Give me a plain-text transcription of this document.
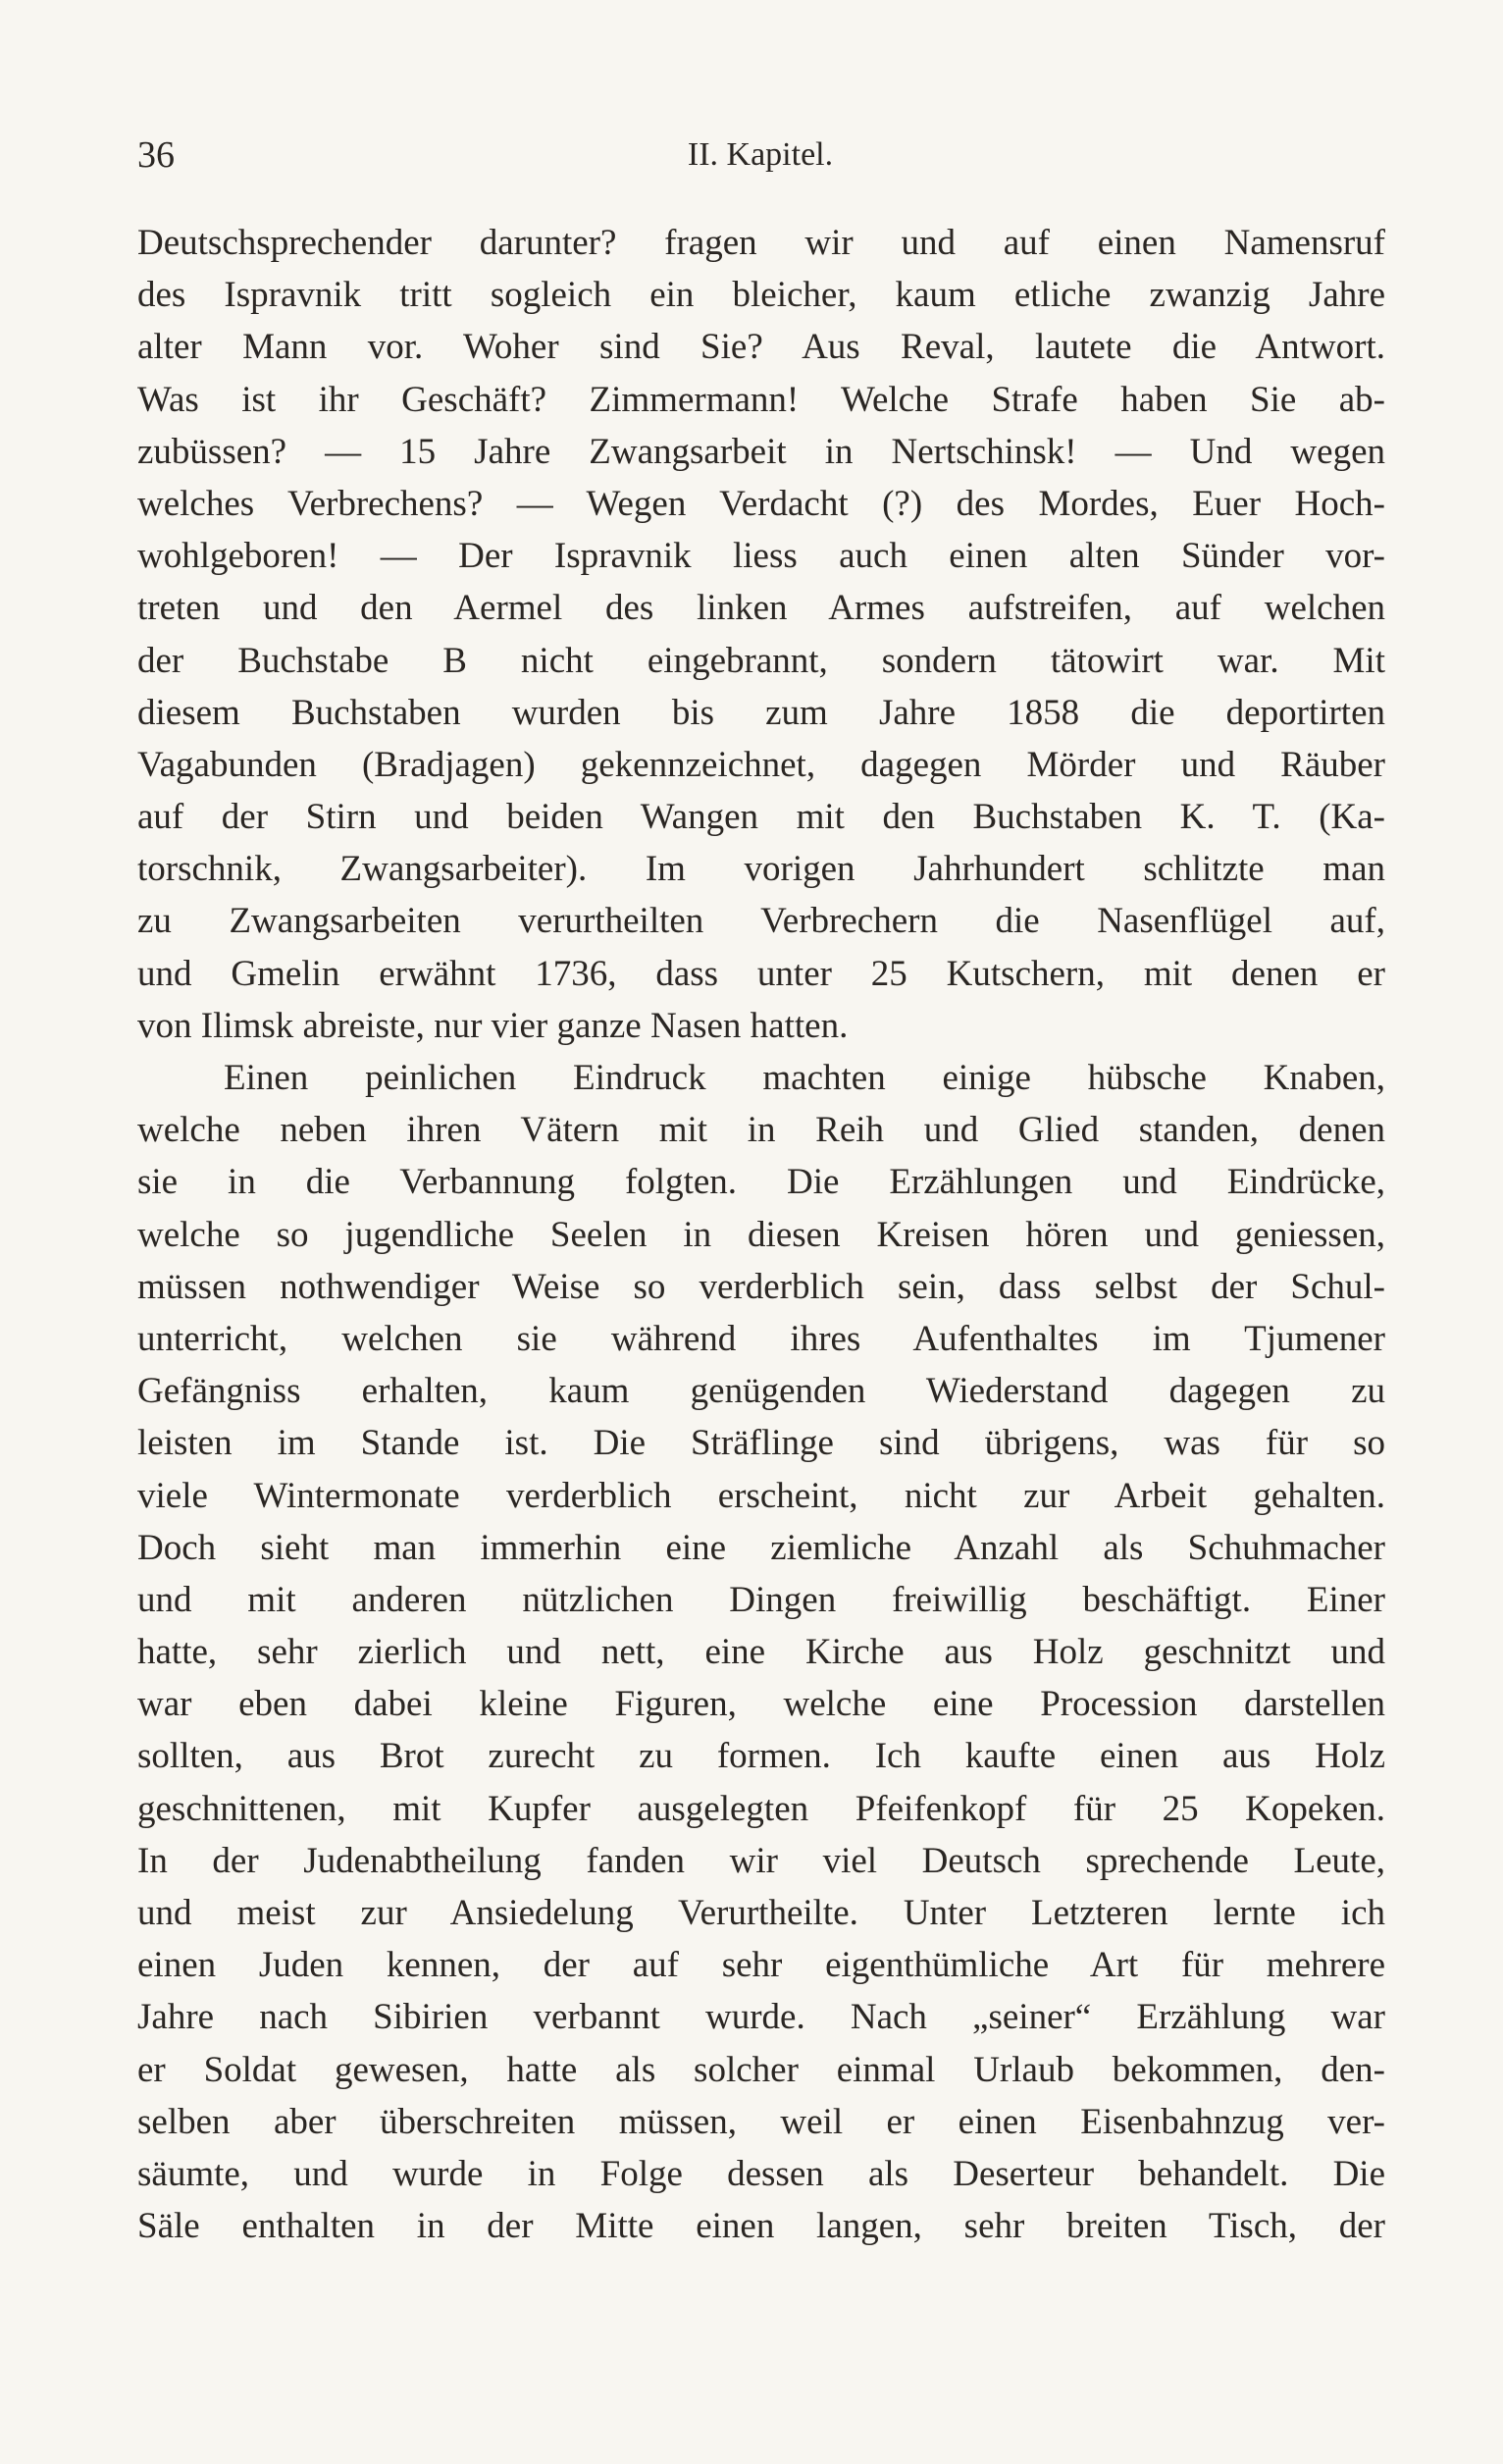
36	II. Kapitel.
Deutschsprechender darunter? fragen wir und auf einen Namensruf
des Ispravnik tritt sogleich ein bleicher, kaum etliche zwanzig Jahre
alter Mann vor. Woher sind Sie? Aus Reval, lautete die Antwort.
Was ist ihr Geschäft? Zimmermann! Welche Strafe haben Sie ab-
zubüssen? — 15 Jahre Zwangsarbeit in Nertschinsk! — Und wegen
welches Verbrechens? — Wegen Verdacht (?) des Mordes, Euer Hoch-
wohlgeboren! — Der Ispravnik liess auch einen alten Sünder vor-
treten und den Aermel des linken Armes aufstreifen, auf welchen
der Buchstabe B nicht eingebrannt, sondern tätowirt war. Mit
diesem Buchstaben wurden bis zum Jahre 1858 die deportirten
Vagabunden (Bradjagen) gekennzeichnet, dagegen Mörder und Räuber
auf der Stirn und beiden Wangen mit den Buchstaben K. T. (Ka-
torschnik, Zwangsarbeiter). Im vorigen Jahrhundert schlitzte man
zu Zwangsarbeiten verurtheilten Verbrechern die Nasenflügel auf,
und Gmelin erwähnt 1736, dass unter 25 Kutschern, mit denen er
von Ilimsk abreiste, nur vier ganze Nasen hatten.
Einen peinlichen Eindruck machten einige hübsche Knaben,
welche neben ihren Vätern mit in Reih und Glied standen, denen
sie in die Verbannung folgten. Die Erzählungen und Eindrücke,
welche so jugendliche Seelen in diesen Kreisen hören und geniessen,
müssen nothwendiger Weise so verderblich sein, dass selbst der Schul-
unterricht, welchen sie während ihres Aufenthaltes im Tjumener
Gefängniss erhalten, kaum genügenden Wiederstand dagegen zu
leisten im Stande ist. Die Sträflinge sind übrigens, was für so
viele Wintermonate verderblich erscheint, nicht zur Arbeit gehalten.
Doch sieht man immerhin eine ziemliche Anzahl als Schuhmacher
und mit anderen nützlichen Dingen freiwillig beschäftigt. Einer
hatte, sehr zierlich und nett, eine Kirche aus Holz geschnitzt und
war eben dabei kleine Figuren, welche eine Procession darstellen
sollten, aus Brot zurecht zu formen. Ich kaufte einen aus Holz
geschnittenen, mit Kupfer ausgelegten Pfeifenkopf für 25 Kopeken.
In der Judenabtheilung fanden wir viel Deutsch sprechende Leute,
und meist zur Ansiedelung Verurtheilte. Unter Letzteren lernte ich
einen Juden kennen, der auf sehr eigenthümliche Art für mehrere
Jahre nach Sibirien verbannt wurde. Nach „seiner“ Erzählung war
er Soldat gewesen, hatte als solcher einmal Urlaub bekommen, den-
selben aber überschreiten müssen, weil er einen Eisenbahnzug ver-
säumte, und wurde in Folge dessen als Deserteur behandelt. Die
Säle enthalten in der Mitte einen langen, sehr breiten Tisch, der
